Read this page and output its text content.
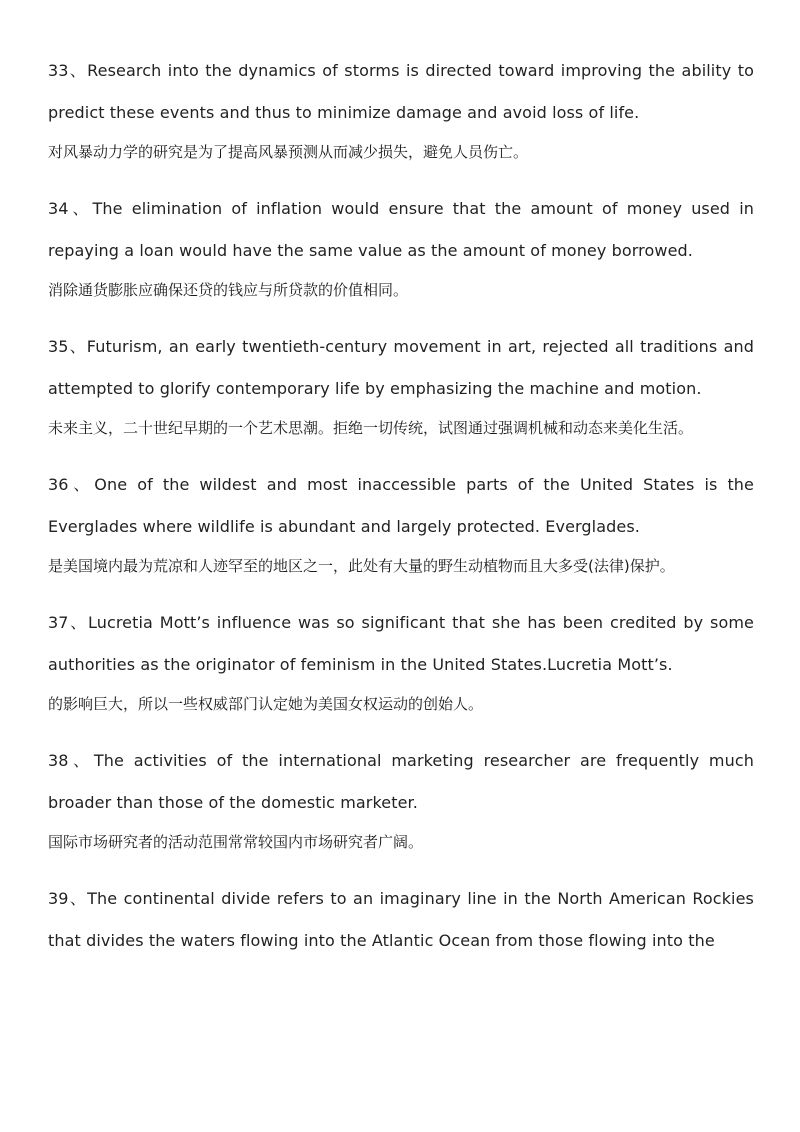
33、Research into the dynamics of storms is directed toward improving the ability to predict these events and thus to minimize damage and avoid loss of life.

对风暴动力学的研究是为了提高风暴预测从而减少损失，避免人员伤亡。

34、The elimination of inflation would ensure that the amount of money used in repaying a loan would have the same value as the amount of money borrowed.

消除通货膨胀应确保还贷的钱应与所贷款的价值相同。

35、Futurism, an early twentieth-century movement in art, rejected all traditions and attempted to glorify contemporary life by emphasizing the machine and motion.

未来主义，二十世纪早期的一个艺术思潮。拒绝一切传统，试图通过强调机械和动态来美化生活。

36、One of the wildest and most inaccessible parts of the United States is the Everglades where wildlife is abundant and largely protected. Everglades.

是美国境内最为荒凉和人迹罕至的地区之一，此处有大量的野生动植物而且大多受(法律)保护。

37、Lucretia Mott’s influence was so significant that she has been credited by some authorities as the originator of feminism in the United States.Lucretia Mott’s.

的影响巨大，所以一些权威部门认定她为美国女权运动的创始人。

38、The activities of the international marketing researcher are frequently much broader than those of the domestic marketer.

国际市场研究者的活动范围常常较国内市场研究者广阔。

39、The continental divide refers to an imaginary line in the North American Rockies that divides the waters flowing into the Atlantic Ocean from those flowing into the
